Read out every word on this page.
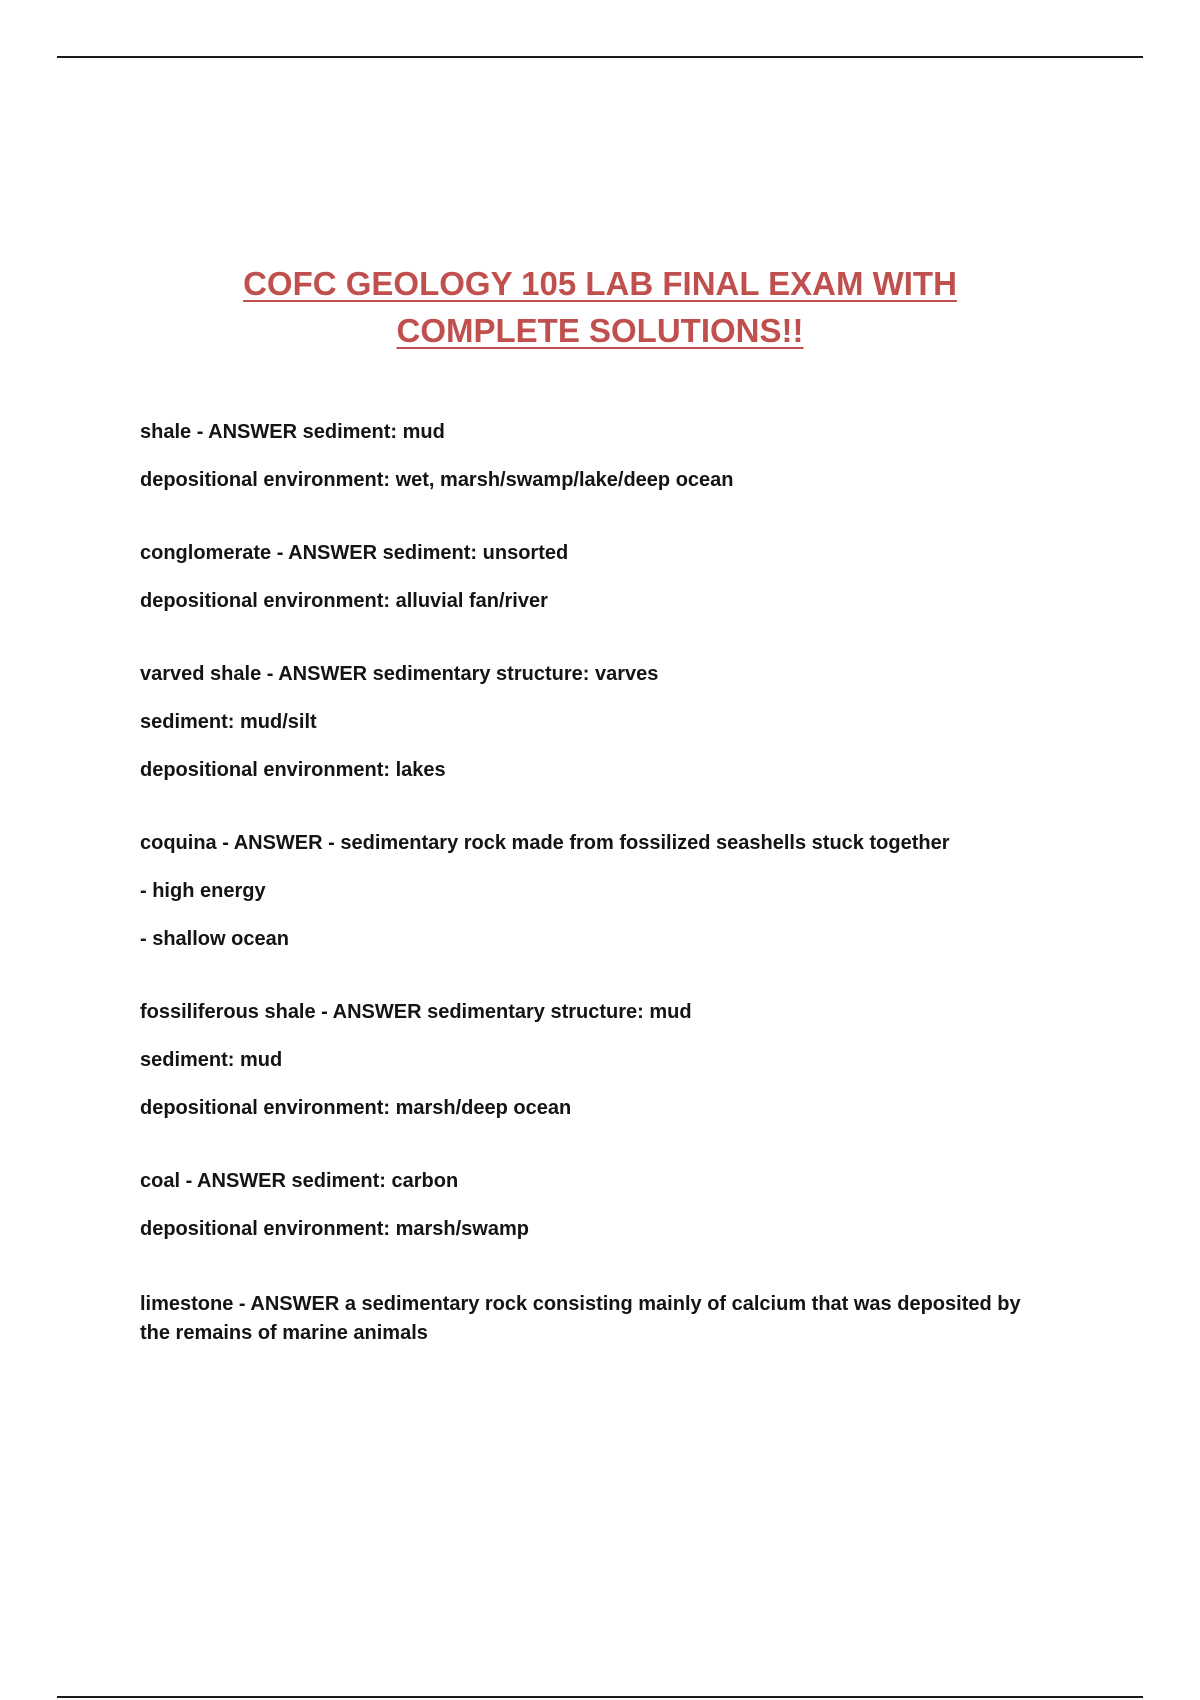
COFC GEOLOGY 105 LAB FINAL EXAM WITH
COMPLETE SOLUTIONS!!

shale - ANSWER sediment: mud

depositional environment: wet, marsh/swamp/lake/deep ocean

conglomerate - ANSWER sediment: unsorted

depositional environment: alluvial fan/river

varved shale - ANSWER sedimentary structure: varves

sediment: mud/silt

depositional environment: lakes

coquina - ANSWER - sedimentary rock made from fossilized seashells stuck together

- high energy

- shallow ocean

fossiliferous shale - ANSWER sedimentary structure: mud

sediment: mud

depositional environment: marsh/deep ocean

coal - ANSWER sediment: carbon

depositional environment: marsh/swamp

limestone - ANSWER a sedimentary rock consisting mainly of calcium that was deposited by the remains of marine animals
